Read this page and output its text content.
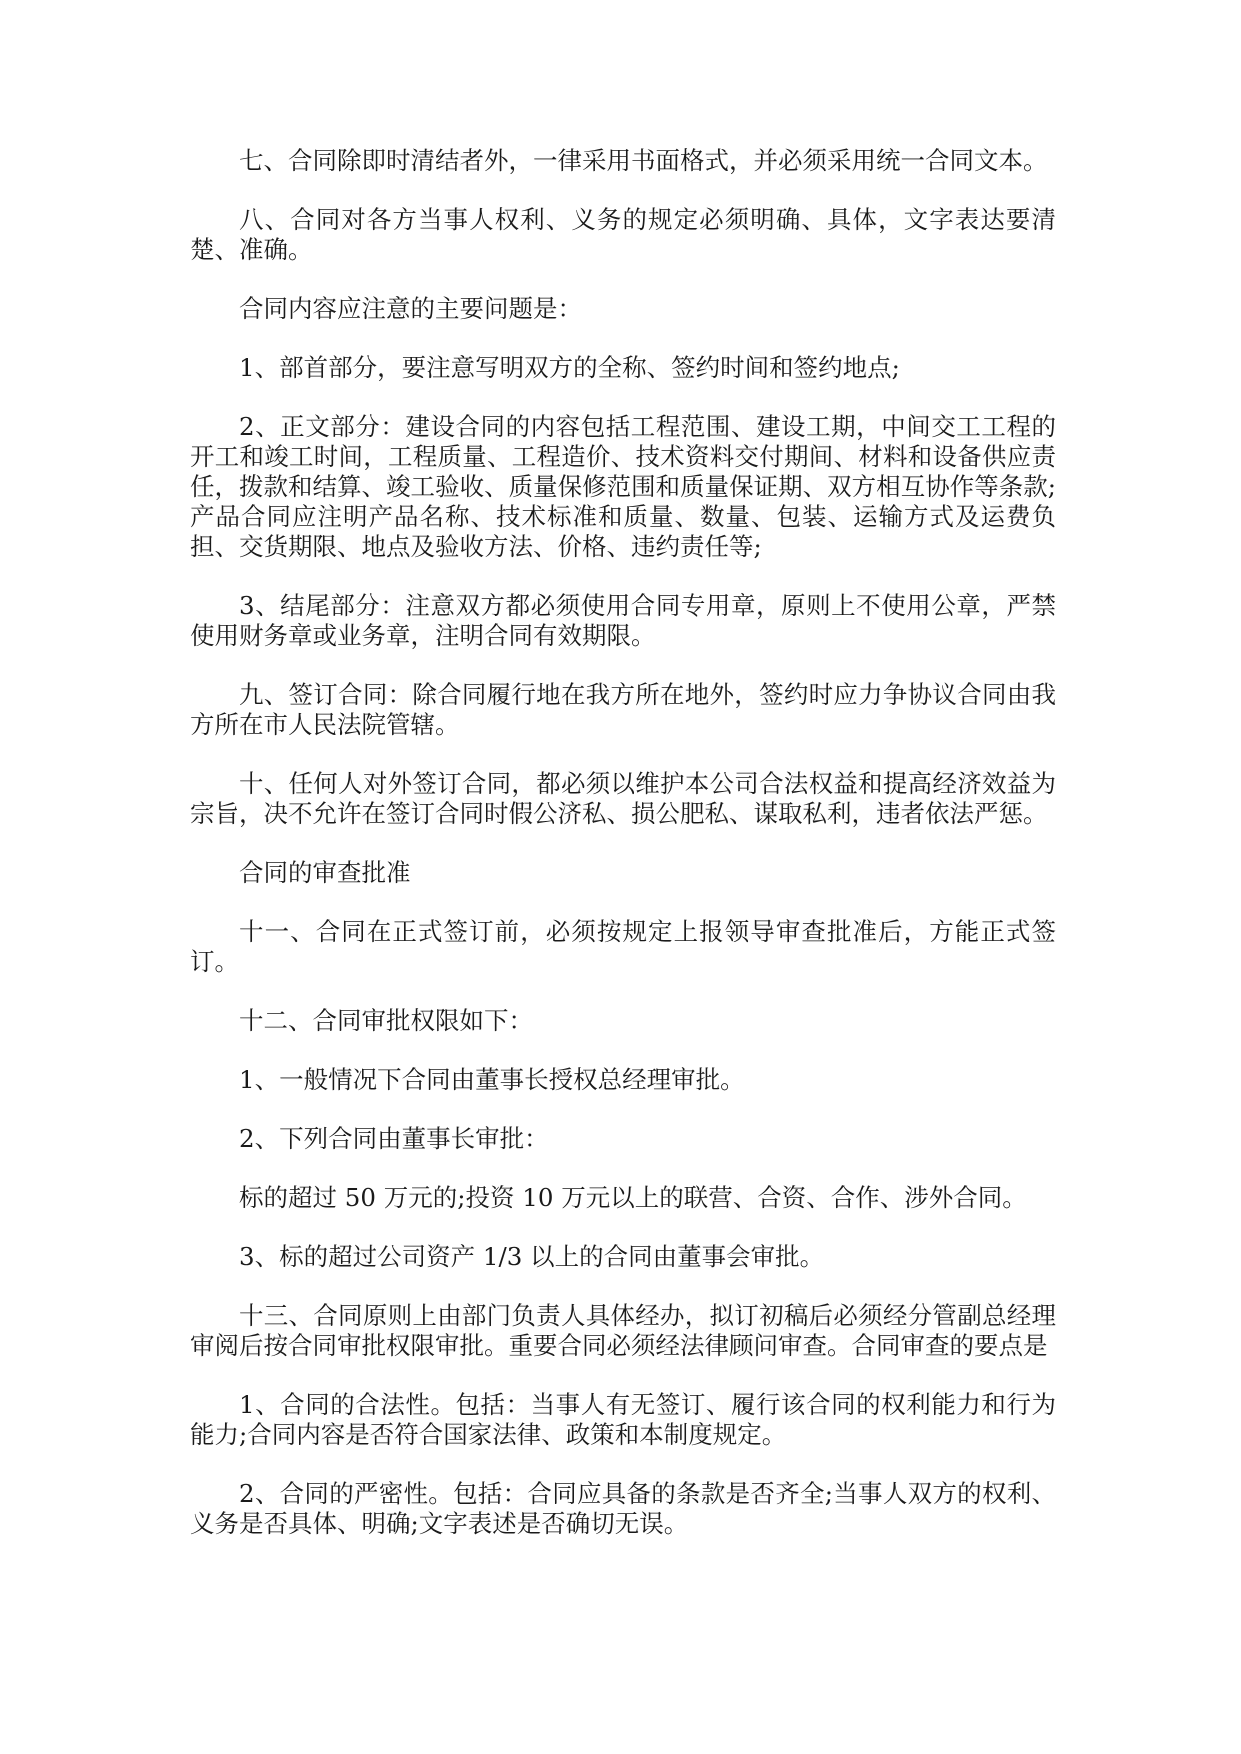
七、合同除即时清结者外，一律采用书面格式，并必须采用统一合同文本。

八、合同对各方当事人权利、义务的规定必须明确、具体，文字表达要清楚、准确。

合同内容应注意的主要问题是：

1、部首部分，要注意写明双方的全称、签约时间和签约地点;

2、正文部分：建设合同的内容包括工程范围、建设工期，中间交工工程的开工和竣工时间，工程质量、工程造价、技术资料交付期间、材料和设备供应责任，拨款和结算、竣工验收、质量保修范围和质量保证期、双方相互协作等条款;产品合同应注明产品名称、技术标准和质量、数量、包装、运输方式及运费负担、交货期限、地点及验收方法、价格、违约责任等;

3、结尾部分：注意双方都必须使用合同专用章，原则上不使用公章，严禁使用财务章或业务章，注明合同有效期限。

九、签订合同：除合同履行地在我方所在地外，签约时应力争协议合同由我方所在市人民法院管辖。

十、任何人对外签订合同，都必须以维护本公司合法权益和提高经济效益为宗旨，决不允许在签订合同时假公济私、损公肥私、谋取私利，违者依法严惩。

合同的审查批准

十一、合同在正式签订前，必须按规定上报领导审查批准后，方能正式签订。

十二、合同审批权限如下：

1、一般情况下合同由董事长授权总经理审批。

2、下列合同由董事长审批：

标的超过 50 万元的;投资 10 万元以上的联营、合资、合作、涉外合同。

3、标的超过公司资产 1/3 以上的合同由董事会审批。

十三、合同原则上由部门负责人具体经办，拟订初稿后必须经分管副总经理审阅后按合同审批权限审批。重要合同必须经法律顾问审查。合同审查的要点是

1、合同的合法性。包括：当事人有无签订、履行该合同的权利能力和行为能力;合同内容是否符合国家法律、政策和本制度规定。

2、合同的严密性。包括：合同应具备的条款是否齐全;当事人双方的权利、义务是否具体、明确;文字表述是否确切无误。
